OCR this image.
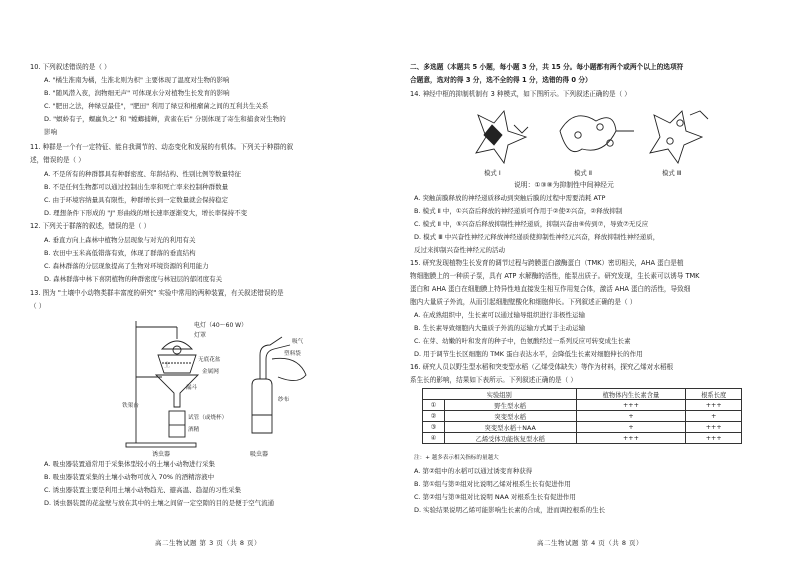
10. 下列叙述错误的是（ ）
A. "橘生淮南为橘，生淮北则为枳" 主要体现了温度对生物的影响
B. "随风潜入夜，润物细无声" 可体现水分对植物生长发育的影响
C. "肥田之法，种绿豆最佳"，"肥田" 利用了绿豆和根瘤菌之间的互利共生关系
D. "螟蛉有子，蜾蠃负之" 和 "螳螂捕蝉，黄雀在后" 分别体现了寄生和捕食对生物的
影响
11. 种群是一个有一定特征、能自我调节的、动态变化和发展的有机体。下列关于种群的叙
述，错误的是（ ）
A. 不是所有的种群都具有种群密度、年龄结构、性别比例等数量特征
B. 不是任何生物都可以通过控制出生率和死亡率来控制种群数量
C. 由于环境容纳量具有限性，种群增长到一定数量就会保持稳定
D. 理想条件下形成的 "J" 形曲线的增长速率逐渐变大，增长率保持不变
12. 下列关于群落的叙述，错误的是（ ）
A. 垂直方向上森林中植物分层现象与对光的利用有关
B. 农田中玉米高低错落有致，体现了群落的垂直结构
C. 森林群落的分层现象提高了生物对环境资源的利用能力
D. 森林群落中林下喜阴植物的种群密度与林冠层的郁闭度有关
13. 图为 "土壤中小动物类群丰富度的研究" 实验中常用的两种装置，有关叙述错误的是
（ ）
电灯（40～60 W）
灯罩
土
无底花盆
金属网
漏斗
铁架台
试管（或烧杯）
酒精
塑料袋
吸气
纱布
诱虫器	吸虫器
A. 吸虫器装置通常用于采集体型较小的土壤小动物进行采集
B. 吸虫器装置采集的土壤小动物可放入 70% 的酒精溶液中
C. 诱虫器装置主要是利用土壤小动物趋光、避高温、趋湿的习性采集
D. 诱虫器装置的花盆壁与放在其中的土壤之间留一定空隙的目的是便于空气流通
高二生物试题 第 3 页（共 8 页）
二、多选题（本题共 5 小题，每小题 3 分，共 15 分。每小题都有两个或两个以上的选项符
合题意，选对的得 3 分，选不全的得 1 分，选错的得 0 分）
14. 神经中枢的抑制机制有 3 种模式，如下图所示。下列叙述正确的是（ ）
模式 Ⅰ	模式 Ⅱ	模式 Ⅲ
说明：①③⑧为抑制性中间神经元
A. 突触前膜释放的神经递质移动到突触后膜的过程中需要消耗 ATP
B. 模式 Ⅱ 中，①兴奋后释放的神经递质可作用于②使②兴奋，②释放抑制
C. 模式 Ⅱ 中，⑤兴奋后释放抑制性神经递质，抑制兴奋由⑥传到⑦，导致⑦无反应
D. 模式 Ⅲ 中兴奋性神经元释放神经递质使抑制性神经元兴奋，释放抑制性神经递质，
反过来抑制兴奋性神经元的活动
15. 研究发现植物生长发育的调节过程与跨膜蛋白激酶蛋白（TMK）密切相关，AHA 蛋白是植
物细胞膜上的一种质子泵，具有 ATP 水解酶的活性，能泵出质子。研究发现，生长素可以诱导 TMK
蛋白和 AHA 蛋白在细胞膜上特异性地直接发生相互作用复合体，激活 AHA 蛋白的活性，导致细
胞内大量质子外流，从而引起细胞壁酸化和细胞伸长。下列叙述正确的是（ ）
A. 在成熟组织中，生长素可以通过输导组织进行非极性运输
B. 生长素导致细胞内大量质子外流的运输方式属于主动运输
C. 在芽、幼嫩的叶和发育的种子中，色氨酸经过一系列反应可转变成生长素
D. 用于调节生长区细胞的 TMK 蛋白表达水平，会降低生长素对细胞伸长的作用
16. 研究人员以野生型水稻和突变型水稻（乙烯受体缺失）等作为材料，探究乙烯对水稻根
系生长的影响，结果如下表所示。下列叙述正确的是（ ）
实验组别		植物体内生长素含量	根系长度
①	野生型水稻	+++	+++
②	突变型水稻	+	+
③	突变型水稻＋NAA	+	+++
④	乙烯受体功能恢复型水稻	+++	+++
注：+ 越多表示相关指标的量越大
A. 第②组中的水稻可以通过诱变育种获得
B. 第①组与第②组对比说明乙烯对根系生长有促进作用
C. 第②组与第③组对比说明 NAA 对根系生长有促进作用
D. 实验结果说明乙烯可能影响生长素的合成，进而调控根系的生长
高二生物试题 第 4 页（共 8 页）
